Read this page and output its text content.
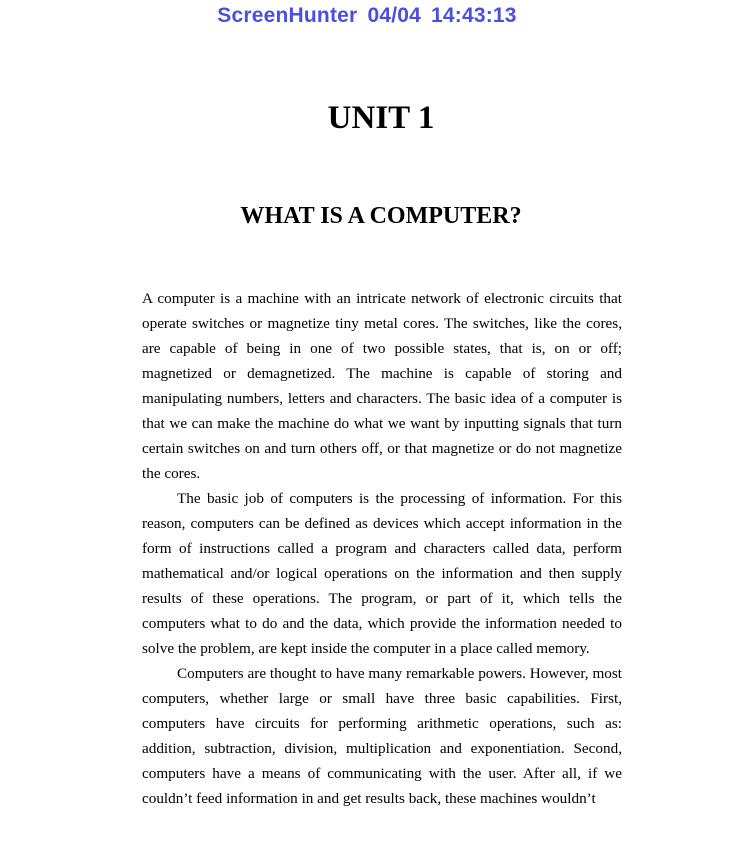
ScreenHunter 04/04 14:43:13
UNIT 1
WHAT IS A COMPUTER?

A computer is a machine with an intricate network of electronic circuits that operate switches or magnetize tiny metal cores. The switches, like the cores, are capable of being in one of two possible states, that is, on or off; magnetized or demagnetized. The machine is capable of storing and manipulating numbers, letters and characters. The basic idea of a computer is that we can make the machine do what we want by inputting signals that turn certain switches on and turn others off, or that magnetize or do not magnetize the cores.

The basic job of computers is the processing of information. For this reason, computers can be defined as devices which accept information in the form of instructions called a program and characters called data, perform mathematical and/or logical operations on the information and then supply results of these operations. The program, or part of it, which tells the computers what to do and the data, which provide the information needed to solve the problem, are kept inside the computer in a place called memory.

Computers are thought to have many remarkable powers. However, most computers, whether large or small have three basic capabilities. First, computers have circuits for performing arithmetic operations, such as: addition, subtraction, division, multiplication and exponentiation. Second, computers have a means of communicating with the user. After all, if we couldn’t feed information in and get results back, these machines wouldn’t
